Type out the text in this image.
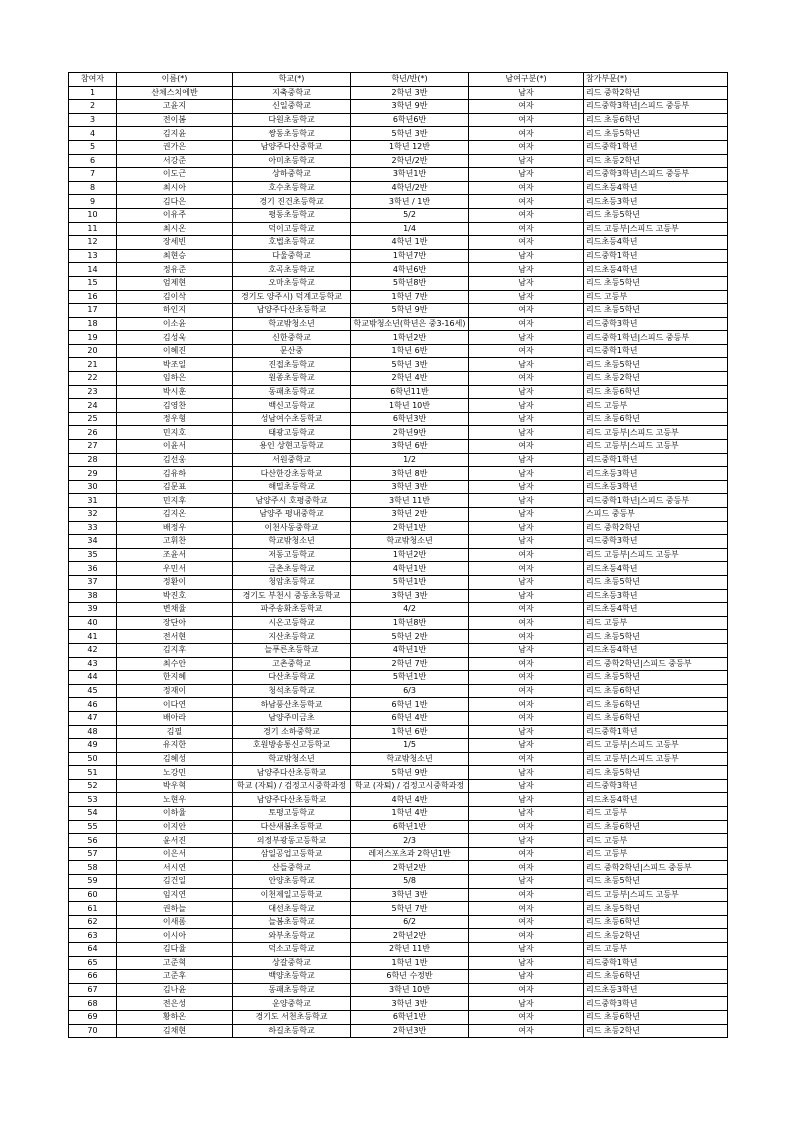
참여자	이름(*)	학교(*)	학년/반(*)	남여구분(*)	참가부문(*)
1	산체스치에반	지축중학교	2학년 3반	남자	리드 중학2학년
2	고윤지	신일중학교	3학년 9반	여자	리드중학3학년|스피드 중등부
3	전이봄	다원초등학교	6학년6반	여자	리드 초등6학년
4	김지윤	쌍동초등학교	5학년 3반	여자	리드 초등5학년
5	권가은	남양주다산중학교	1학년 12반	여자	리드중학1학년
6	서강준	아미초등학교	2학년/2반	남자	리드 초등2학년
7	이도근	상하중학교	3학년1반	남자	리드중학3학년|스피드 중등부
8	최시아	호수초등학교	4학년/2반	여자	리드초등4학년
9	김다은	경기 진건초등학교	3학년 / 1반	여자	리드초등3학년
10	이유주	평동초등학교	5/2	여자	리드 초등5학년
11	최시온	덕이고등학교	1/4	여자	리드 고등부|스피드 고등부
12	장세빈	호법초등학교	4학년 1반	여자	리드초등4학년
13	최현승	다울중학교	1학년7반	남자	리드중학1학년
14	정유준	호곡초등학교	4학년6반	남자	리드초등4학년
15	엄제현	오마초등학교	5학년8반	남자	리드 초등5학년
16	김이삭	경기도 양주시) 덕계고등학교	1학년 7반	남자	리드 고등부
17	하인지	남양주다산초등학교	5학년 9반	여자	리드 초등5학년
18	이소윤	학교밖청소년	학교밖청소년(학년은 중3-16세)	여자	리드중학3학년
19	김성욱	신한중학교	1학년2반	남자	리드중학1학년|스피드 중등부
20	이혜진	문산중	1학년 6반	여자	리드중학1학년
21	박조일	진접초등학교	5학년 3반	남자	리드 초등5학년
22	임하은	원종초등학교	2학년 4반	여자	리드 초등2학년
23	박시훈	동패초등학교	6학년11반	남자	리드 초등6학년
24	김영찬	백신고등학교	1학년 10반	남자	리드 고등부
25	정우형	성남여수초등학교	6학년3반	남자	리드 초등6학년
26	민지호	태광고등학교	2학년9반	남자	리드 고등부|스피드 고등부
27	이윤서	용인 상현고등학교	3학년 6반	여자	리드 고등부|스피드 고등부
28	김선웅	서원중학교	1/2	남자	리드중학1학년
29	김유하	다산한강초등학교	3학년 8반	남자	리드초등3학년
30	김문표	해밀초등학교	3학년 3반	남자	리드초등3학년
31	민지후	남양주시 호평중학교	3학년 11반	남자	리드중학1학년|스피드 중등부
32	김지온	남양주 평내중학교	3학년 2반	남자	스피드 중등부
33	배정우	이천사동중학교	2학년1반	남자	리드 중학2학년
34	고휘찬	학교밖청소년	학교밖청소년	남자	리드중학3학년
35	조윤서	저동고등학교	1학년2반	여자	리드 고등부|스피드 고등부
36	우민서	금촌초등학교	4학년1반	여자	리드초등4학년
37	정환이	청암초등학교	5학년1반	남자	리드 초등5학년
38	박진호	경기도 부천시 중동초등학교	3학년 3반	남자	리드초등3학년
39	변채율	파주송화초등학교	4/2	여자	리드초등4학년
40	장단아	시온고등학교	1학년8반	여자	리드 고등부
41	전서현	지산초등학교	5학년 2반	여자	리드 초등5학년
42	김지후	늘푸른초등학교	4학년1반	남자	리드초등4학년
43	최수안	고촌중학교	2학년 7반	여자	리드 중학2학년|스피드 중등부
44	한지혜	다산초등학교	5학년1반	여자	리드 초등5학년
45	정재이	청석초등학교	6/3	여자	리드 초등6학년
46	이다연	하남풍산초등학교	6학년 1반	여자	리드 초등6학년
47	배아라	남양주미금초	6학년 4반	여자	리드 초등6학년
48	김필	경기 소하중학교	1학년 6반	남자	리드중학1학년
49	유지한	호원방송통신고등학교	1/5	남자	리드 고등부|스피드 고등부
50	김혜성	학교밖청소년	학교밖청소년	여자	리드 고등부|스피드 고등부
51	노강민	남양주다산초등학교	5학년 9반	남자	리드 초등5학년
52	박우혁	학교 (자퇴) / 검정고시중학과정	학교 (자퇴) / 검정고시중학과정	남자	리드중학3학년
53	노현우	남양주다산초등학교	4학년 4반	남자	리드초등4학년
54	이하율	토평고등학교	1학년 4반	남자	리드 고등부
55	이지안	다산새봄초등학교	6학년1반	여자	리드 초등6학년
56	윤서진	의정부광동고등학교	2/3	남자	리드 고등부
57	이은서	삼일공업고등학교	레저스포츠과 2학년1반	여자	리드 고등부
58	서시연	산들중학교	2학년2반	여자	리드 중학2학년|스피드 중등부
59	김건일	안양초등학교	5/8	남자	리드 초등5학년
60	임지연	이천제일고등학교	3학년 3반	여자	리드 고등부|스피드 고등부
61	권하늘	대선초등학교	5학년 7반	여자	리드 초등5학년
62	이새롬	늘봄초등학교	6/2	여자	리드 초등6학년
63	이시아	와부초등학교	2학년2반	여자	리드 초등2학년
64	김다율	덕소고등학교	2학년 11반	남자	리드 고등부
65	고준혁	상갈중학교	1학년 1반	남자	리드중학1학년
66	고준후	백양초등학교	6학년 수정반	남자	리드 초등6학년
67	김나윤	동패초등학교	3학년 10반	여자	리드초등3학년
68	전은성	운양중학교	3학년 3반	남자	리드중학3학년
69	황하온	경기도 서천초등학교	6학년1반	여자	리드 초등6학년
70	김채현	하길초등학교	2학년3반	여자	리드 초등2학년
